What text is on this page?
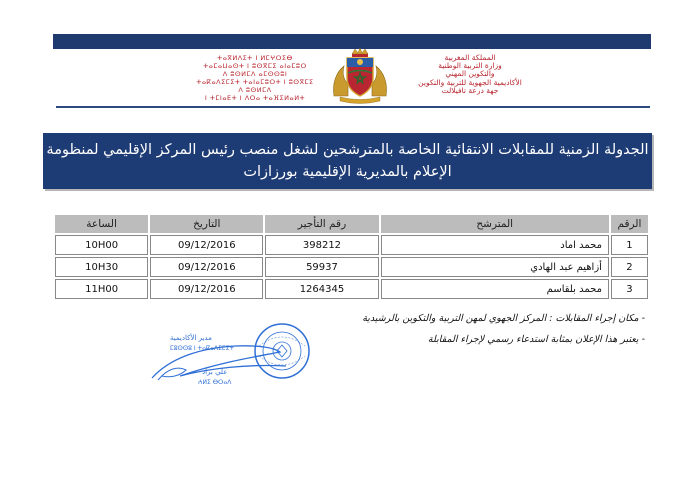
ⵜⴰⴳⵍⴷⵉⵜ ⵏ ⵍⵎⵖⵔⵉⴱ
ⵜⴰⵎⴰⵡⴰⵙⵜ ⵏ ⵓⵙⴳⵎⵉ ⴰⵏⴰⵎⵓⵔ
ⴷ ⵓⵙⵍⵎⴷ ⴰⵎⵙⵙⵓⵏ
ⵜⴰⴽⴰⴷⵉⵎⵉⵜ ⵜⴰⵏⴰⵎⵓⵔⵜ ⵏ ⵓⵙⴳⵎⵉ
ⴷ ⵓⵙⵍⵎⴷ
ⵏ ⵜⵎⵏⴰⴹⵜ ⵏ ⴷⵔⴰ ⵜⴰⴼⵉⵍⴰⵍⵜ
المملكة المغربية
وزارة التربية الوطنية
والتكوين المهني
الأكاديمية الجهوية للتربية والتكوين
جهة درعة تافيلالت
الجدولة الزمنية للمقابلات الانتقائية الخاصة بالمترشحين لشغل منصب رئيس المركز الإقليمي لمنظومة
الإعلام بالمديرية الإقليمية بورزازات
الرقم	المترشح	رقم التأجير	التاريخ	الساعة
1	محمد اماد	398212	09/12/2016	10H00
2	أزاهيم عبد الهادي	59937	09/12/2016	10H30
3	محمد بلقاسم	1264345	09/12/2016	11H00
- مكان إجراء المقابلات : المركز الجهوي لمهن التربية والتكوين بالرشيدية
- يعتبر هذا الإعلان بمثابة استدعاء رسمي لإجراء المقابلة
مدير الأكاديمية
ⵎⵓⵙⵙⵓ ⵏ ⵜⴰⴽⴰⴷⵉⵎⵉⵜ
علي براد
ⵄⵍⵉ ⴱⵔⴰⴷ
